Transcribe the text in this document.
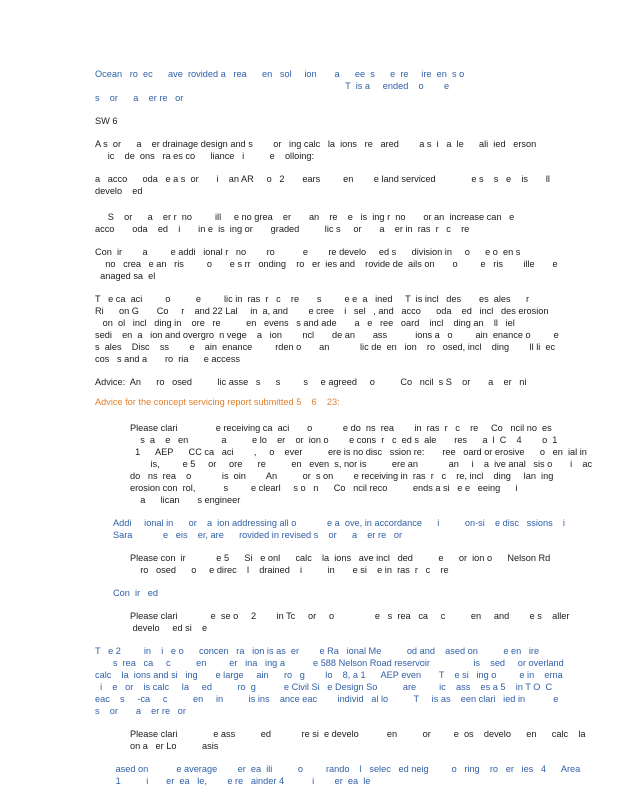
Ocean   ro  ec      ave  rovided a   rea      en   sol     ion       a      ee  s      e  re     ire  en  s o
T  is a     ended    o        e
s    or      a    er re   or

SW 6

A s  or      a    er drainage design and s        or   ing calc   la  ions   re   ared        a s  i   a  le      ali  ied   erson
ic    de  ons   ra es co      liance   i          e    olloing:

a   acco      oda   e a s  or       i    an AR     o   2       ears         en        e land serviced              e s    s   e    is       ll
develo    ed

S    or      a    er r  no         ill     e no grea    er       an    re    e   is  ing r  no       or an  increase can   e
acco       oda    ed    i       in e  is  ing or       graded          lic s     or       a    er in  ras  r   c    re

Con  ir        a         e addi   ional r   no        ro           e        re develo     ed s      division in     o      e o  en s
no   crea   e an   ris         o       e s rr   onding    ro   er  ies and    rovide de  ails on       o         e   ris        ille       e
anaged sa  el

T   e ca  aci         o          e         lic in  ras  r   c    re       s         e e  a   ined     T  is incl   des       es  ales      r
Ri      on G       Co     r    and 22 Lal     in  a, and        e cree    i   sel   , and   acco      oda    ed   incl   des erosion
on  ol   incl   ding in    ore   re          en   evens   s and ade       a   e   ree   oard    incl    ding an    ll   iel
sedi    en  a   ion and overgro  n vege    a   ion        ncl       de an       ass           ions a   o         ain  enance o         e
s  ales    Disc    ss        e    ain  enance         rden o       an            lic de  en   ion    ro   osed, incl    ding        ll li  ec
cos   s and a       ro  ria      e access

Advice:  An      ro   osed          lic asse   s      s         s     e agreed     o          Co   ncil  s S    or       a    er   ni

Advice for the concept servicing report submitted 5    6    23:

Please clari               e receiving ca  aci       o            e do  ns  rea        in  ras  r   c    re     Co   ncil no  es
s  a    e   en             a          e lo    er    or  ion o        e cons  r   c  ed s  ale       res      a  l  C    4        o  1
1      AEP      CC ca   aci        ,     o    ever          ere is no disc   ssion re:       ree   oard or erosive      o   en  ial in
is,         e 5     or     ore      re          en   even  s, nor is          ere an            an     i    a  ive anal   sis o       i    ac
do   ns  rea    o            is  oin        An          or  s on        e receiving in  ras  r   c    re, incl    ding     lan  ing
erosion con  rol,           s         e clearl     s o   n      Co   ncil reco          ends a si   e e   eeing      i
a      lican       s engineer

Addi     ional in      or    a  ion addressing all o            e a  ove, in accordance      i          on-si    e disc   ssions    i
Sara            e   eis    er, are      rovided in revised s    or      a    er re   or

Please con  ir            e 5      Si   e onl      calc    la  ions   ave incl   ded          e      or  ion o      Nelson Rd
ro   osed      o     e direc    l    drained    i          in       e si    e in  ras  r   c    re

Con  ir   ed

Please clari             e  se o     2        in Tc     or     o                e   s  rea   ca     c          en     and        e s    aller
develo     ed si    e

T   e 2         in    i   e o      concen   ra   ion is as  er        e Ra   ional Me          od and    ased on          e en   ire
s  rea   ca     c          en         er   ina   ing a           e 588 Nelson Road reservoir                 is    sed     or overland
calc    la  ions and si   ing       e large     ain      ro   g        lo    8, a 1      AEP even       T    e si   ing o         e in    erna
i    e   or    is calc     la     ed          ro  g           e Civil Si   e Design So          are         ic    ass    es a 5    in T O  C
eac    s     -ca     c          en     in          is ins    ance eac        individ   al lo          T     is as    een clari   ied in           e
s    or       a    er re   or

Please clari              e ass          ed            re si  e develo           en          or         e  os    develo      en      calc    la
on a   er Lo          asis

ased on           e average        er  ea  ili          o         rando    l   selec   ed neig         o   ring    ro   er   ies   4      Area
1          i       er  ea   le,        e re   ainder 4           i        er  ea  le
